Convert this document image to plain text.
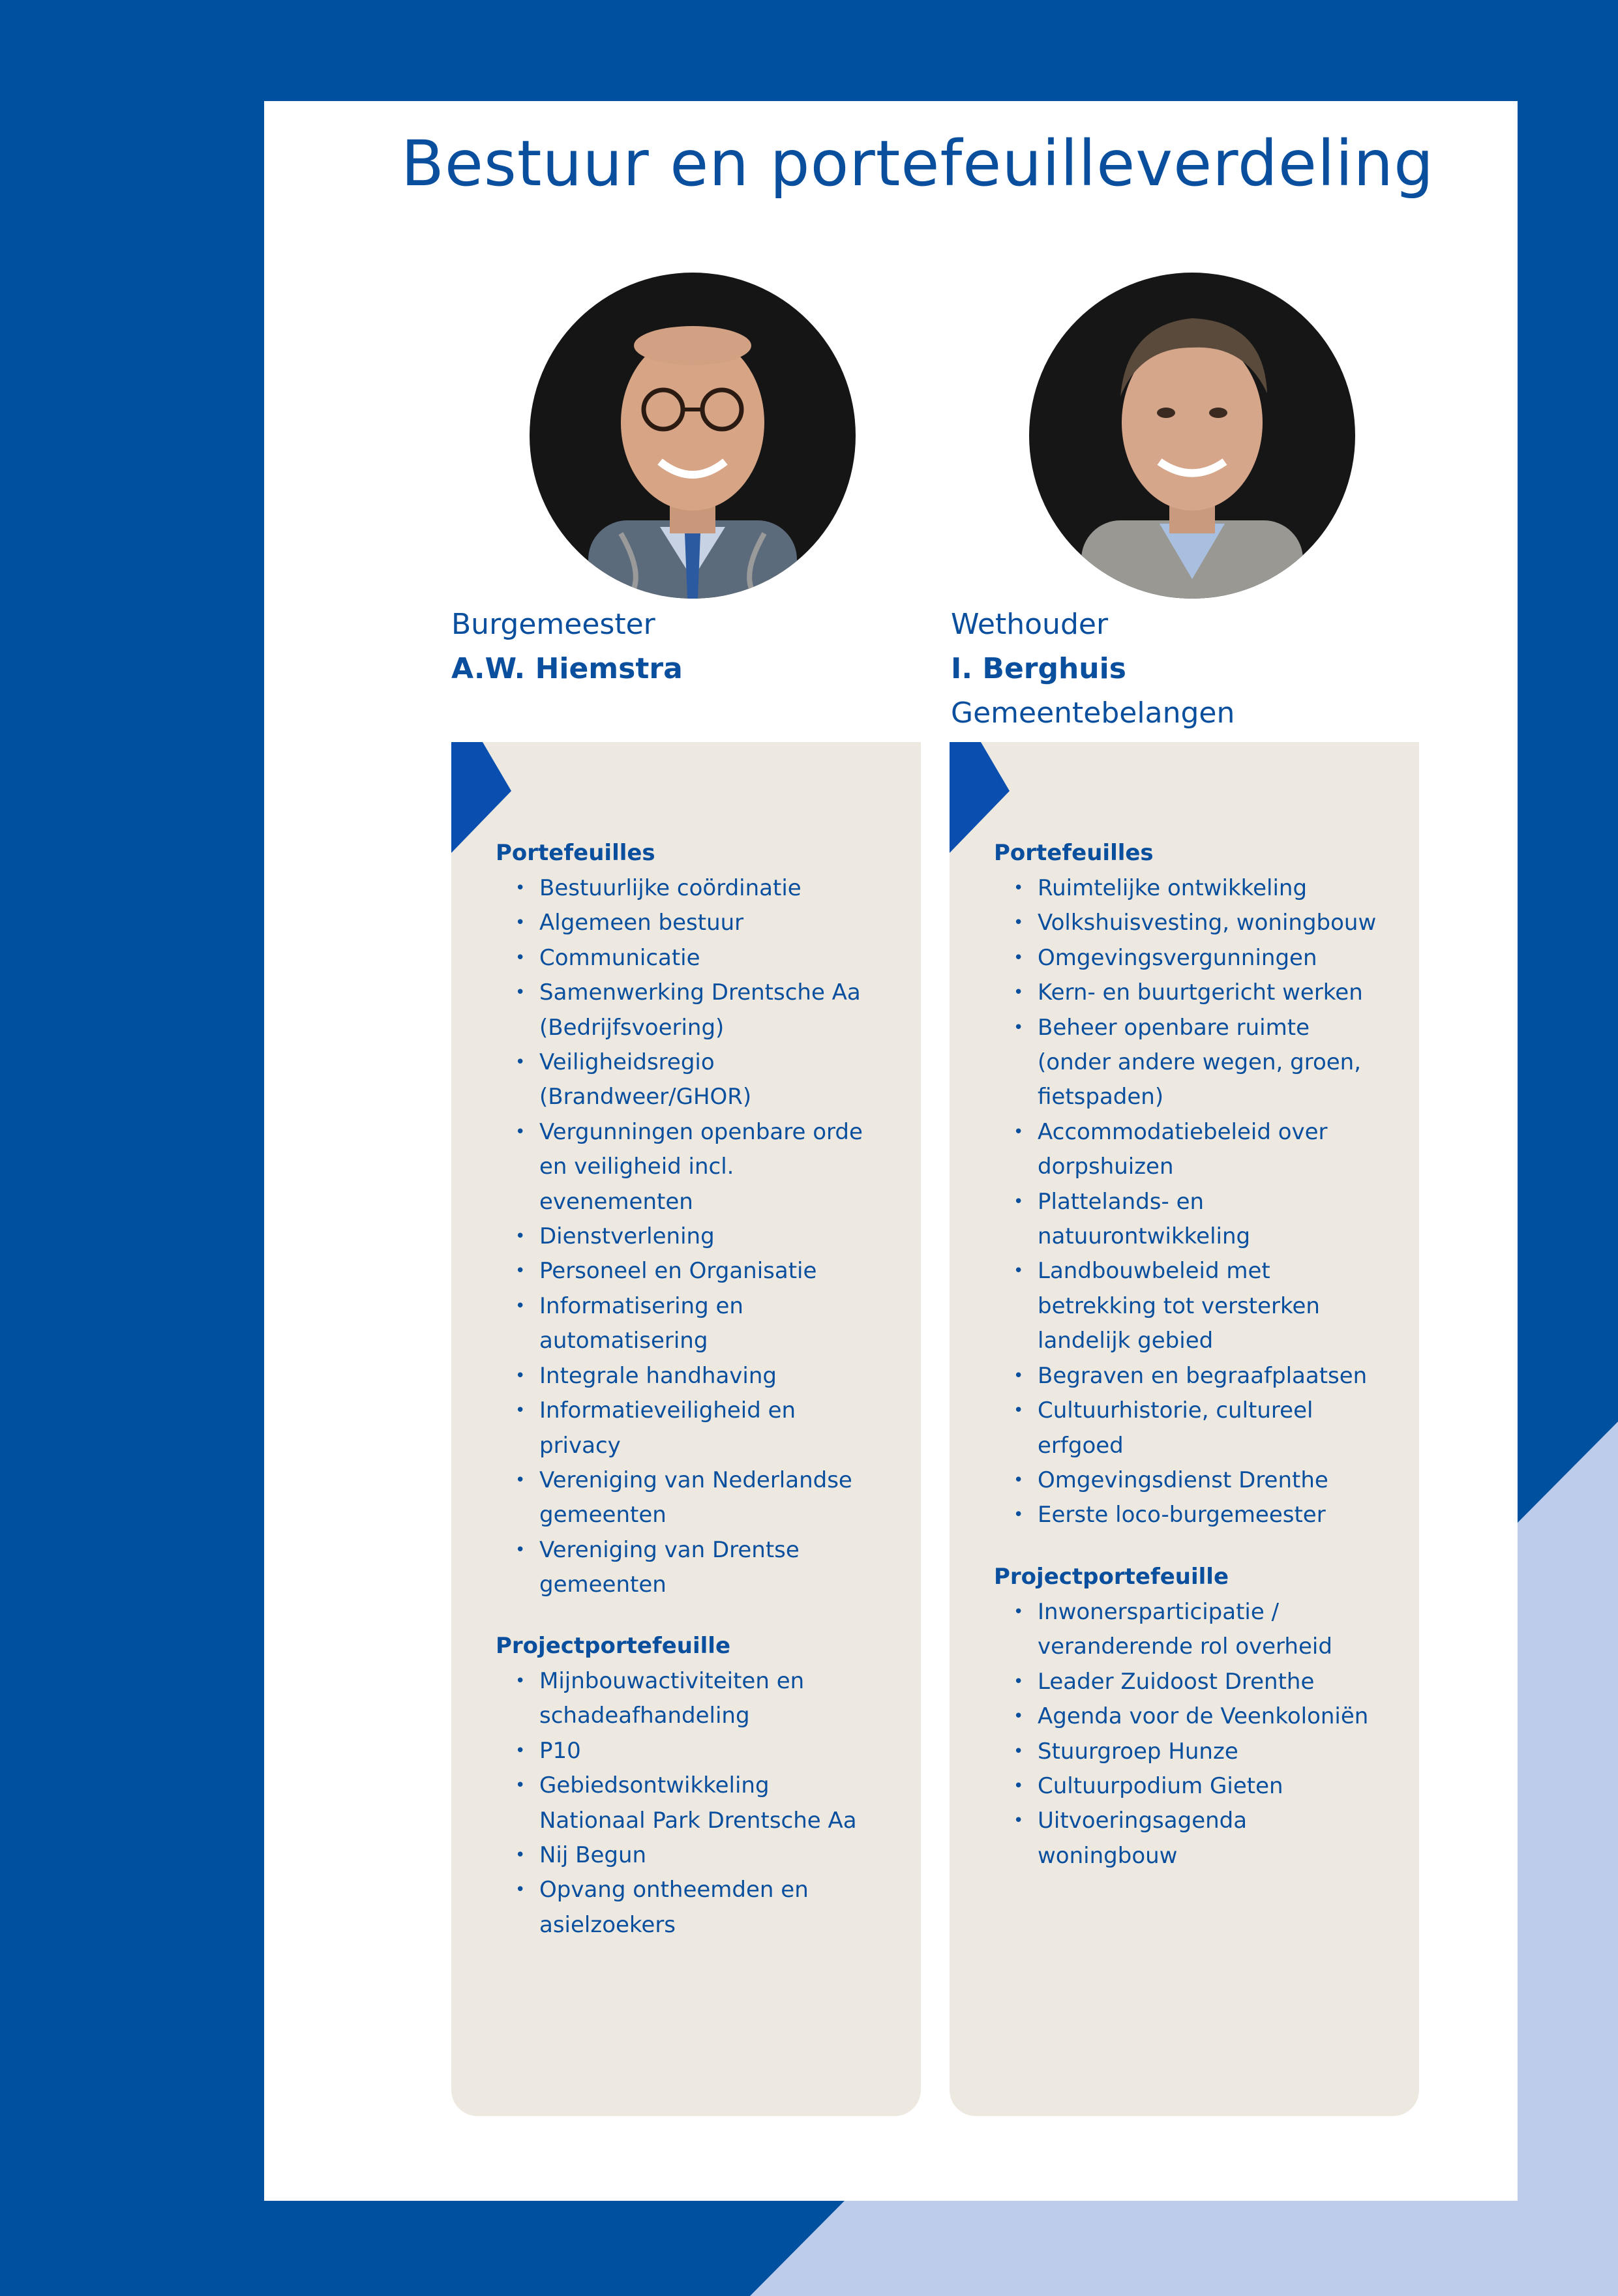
Bestuur en portefeuilleverdeling
Burgemeester
A.W. Hiemstra
Portefeuilles
• Bestuurlijke coördinatie
• Algemeen bestuur
• Communicatie
• Samenwerking Drentsche Aa
(Bedrijfsvoering)
• Veiligheidsregio
(Brandweer/GHOR)
• Vergunningen openbare orde
en veiligheid incl.
evenementen
• Dienstverlening
• Personeel en Organisatie
• Informatisering en
automatisering
• Integrale handhaving
• Informatieveiligheid en
privacy
• Vereniging van Nederlandse
gemeenten
• Vereniging van Drentse
gemeenten
Projectportefeuille
• Mijnbouwactiviteiten en
schadeafhandeling
• P10
• Gebiedsontwikkeling
Nationaal Park Drentsche Aa
• Nij Begun
• Opvang ontheemden en
asielzoekers
Wethouder
I. Berghuis
Gemeentebelangen
Portefeuilles
• Ruimtelijke ontwikkeling
• Volkshuisvesting, woningbouw
• Omgevingsvergunningen
• Kern- en buurtgericht werken
• Beheer openbare ruimte
(onder andere wegen, groen,
fietspaden)
• Accommodatiebeleid over
dorpshuizen
• Plattelands- en
natuurontwikkeling
• Landbouwbeleid met
betrekking tot versterken
landelijk gebied
• Begraven en begraafplaatsen
• Cultuurhistorie, cultureel
erfgoed
• Omgevingsdienst Drenthe
• Eerste loco-burgemeester
Projectportefeuille
• Inwonersparticipatie /
veranderende rol overheid
• Leader Zuidoost Drenthe
• Agenda voor de Veenkoloniën
• Stuurgroep Hunze
• Cultuurpodium Gieten
• Uitvoeringsagenda
woningbouw
